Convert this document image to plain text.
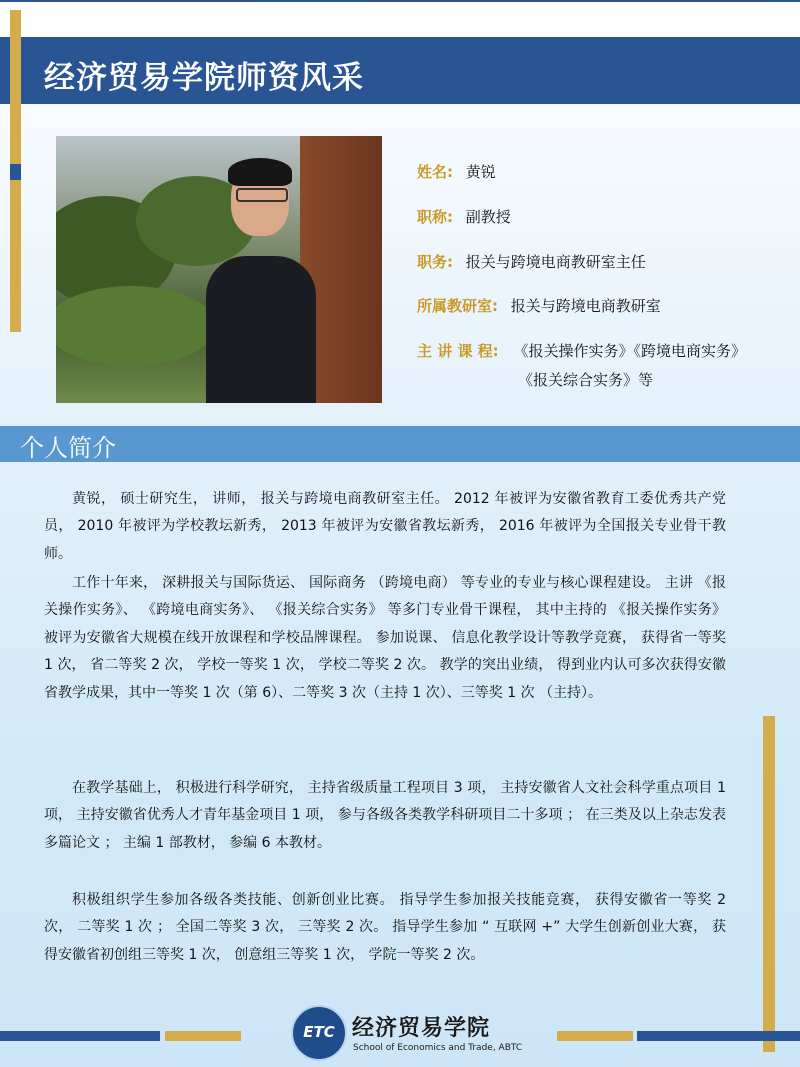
经济贸易学院师资风采
姓名: 黄锐
职称: 副教授
职务: 报关与跨境电商教研室主任
所属教研室: 报关与跨境电商教研室
主 讲 课 程: 《报关操作实务》《跨境电商实务》
《报关综合实务》等
个人简介

黄锐， 硕士研究生， 讲师， 报关与跨境电商教研室主任。 2012 年被评为安徽省教育工委优秀共产党员， 2010 年被评为学校教坛新秀， 2013 年被评为安徽省教坛新秀， 2016 年被评为全国报关专业骨干教师。

工作十年来， 深耕报关与国际货运、 国际商务 （跨境电商） 等专业的专业与核心课程建设。 主讲 《报关操作实务》、 《跨境电商实务》、 《报关综合实务》 等多门专业骨干课程， 其中主持的 《报关操作实务》 被评为安徽省大规模在线开放课程和学校品牌课程。 参加说课、 信息化教学设计等教学竞赛， 获得省一等奖 1 次， 省二等奖 2 次， 学校一等奖 1 次， 学校二等奖 2 次。 教学的突出业绩， 得到业内认可多次获得安徽省教学成果，其中一等奖 1 次（第 6）、二等奖 3 次（主持 1 次）、三等奖 1 次 （主持）。

在教学基础上， 积极进行科学研究， 主持省级质量工程项目 3 项， 主持安徽省人文社会科学重点项目 1 项， 主持安徽省优秀人才青年基金项目 1 项， 参与各级各类教学科研项目二十多项 ； 在三类及以上杂志发表多篇论文 ； 主编 1 部教材， 参编 6 本教材。

积极组织学生参加各级各类技能、创新创业比赛。 指导学生参加报关技能竞赛， 获得安徽省一等奖 2 次， 二等奖 1 次 ； 全国二等奖 3 次， 三等奖 2 次。 指导学生参加 “ 互联网 +” 大学生创新创业大赛， 获得安徽省初创组三等奖 1 次， 创意组三等奖 1 次， 学院一等奖 2 次。

ETC 经济贸易学院
School of Economics and Trade, ABTC
